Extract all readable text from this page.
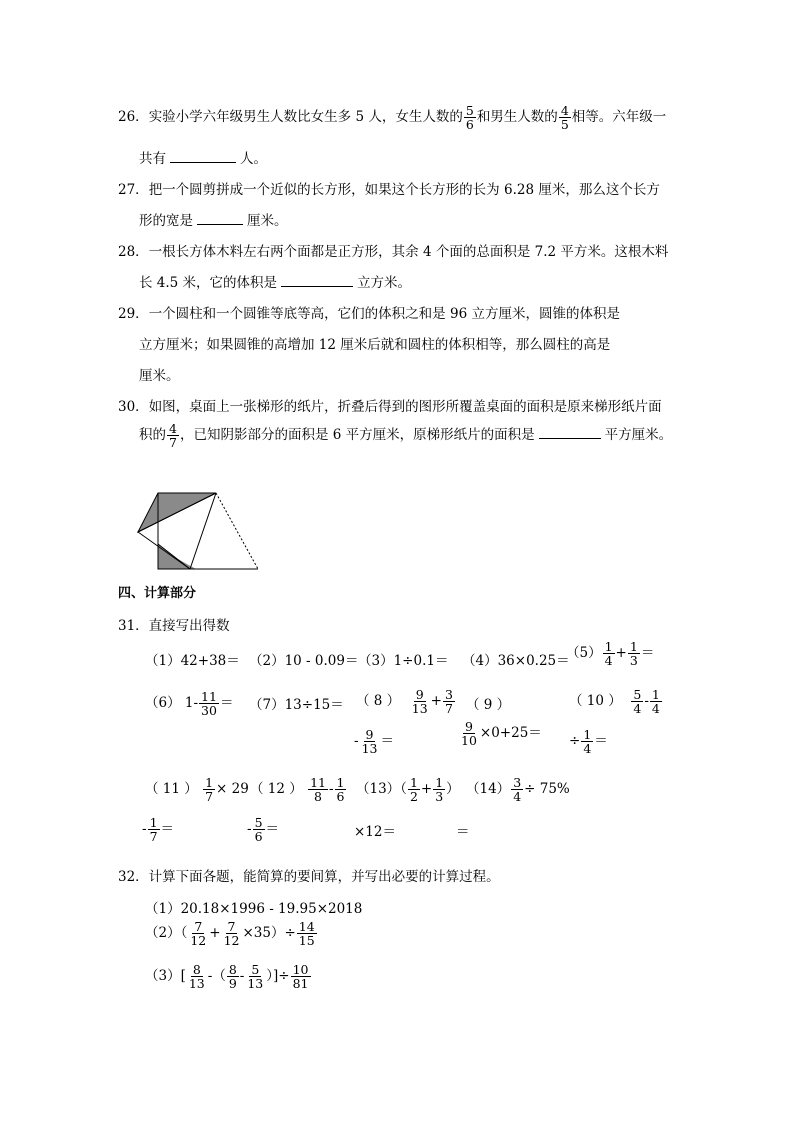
26．实验小学六年级男生人数比女生多 5 人，女生人数的 $\frac{5}{6}$ 和男生人数的 $\frac{4}{5}$ 相等。六年级一
共有	人。
27．把一个圆剪拼成一个近似的长方形，如果这个长方形的长为 6.28 厘米，那么这个长方
形的宽是	厘米。
28．一根长方体木料左右两个面都是正方形，其余 4 个面的总面积是 7.2 平方米。这根木料
长 4.5 米，它的体积是	立方米。
29．一个圆柱和一个圆锥等底等高，它们的体积之和是 96 立方厘米，圆锥的体积是
立方厘米；如果圆锥的高增加 12 厘米后就和圆柱的体积相等，那么圆柱的高是
厘米。
30．如图，桌面上一张梯形的纸片，折叠后得到的图形所覆盖桌面的面积是原来梯形纸片面
积的 $\frac{4}{7}$ ，已知阴影部分的面积是 6 平方厘米，原梯形纸片的面积是	平方厘米。
四、计算部分
31．直接写出得数
（1）42+38＝ （2）10 - 0.09＝ （3）1÷0.1＝ （4）36×0.25＝
$(5) \frac{1}{4} + \frac{1}{3}$ ＝
（6） $1- \frac{11}{30} = (7)13\div 15=$ （ 8 ） $\frac{9}{13} + \frac{3}{7}$
- $\frac{9}{13}$ ＝
（ 9 ）
$\frac{9}{10} \times 0+25=$
（ 10 ） $\frac{5}{4} - \frac{1}{4}$
÷ $\frac{1}{4}$ ＝
（ 11 ） $\frac{1}{7} \times 29$
- $\frac{1}{7}$ ＝
（ 12 ） $\frac{11}{8} - \frac{1}{6}$
- $\frac{5}{6}$ ＝
$(13)( \frac{1}{2} + \frac{1}{3}$ ）
×12＝
$(14) \frac{3}{4} \div 75\%$
＝
32．计算下面各题，能简算的要间算，并写出必要的计算过程。
（1）20.18×1996 - 19.95×2018
$(2)( \frac{7}{12} + \frac{7}{12} \times 35)\div \frac{14}{15}$
$(3)[ \frac{8}{13}$ -（ $\frac{8}{9} - \frac{5}{13}$ ）]÷ $\frac{10}{81}$
